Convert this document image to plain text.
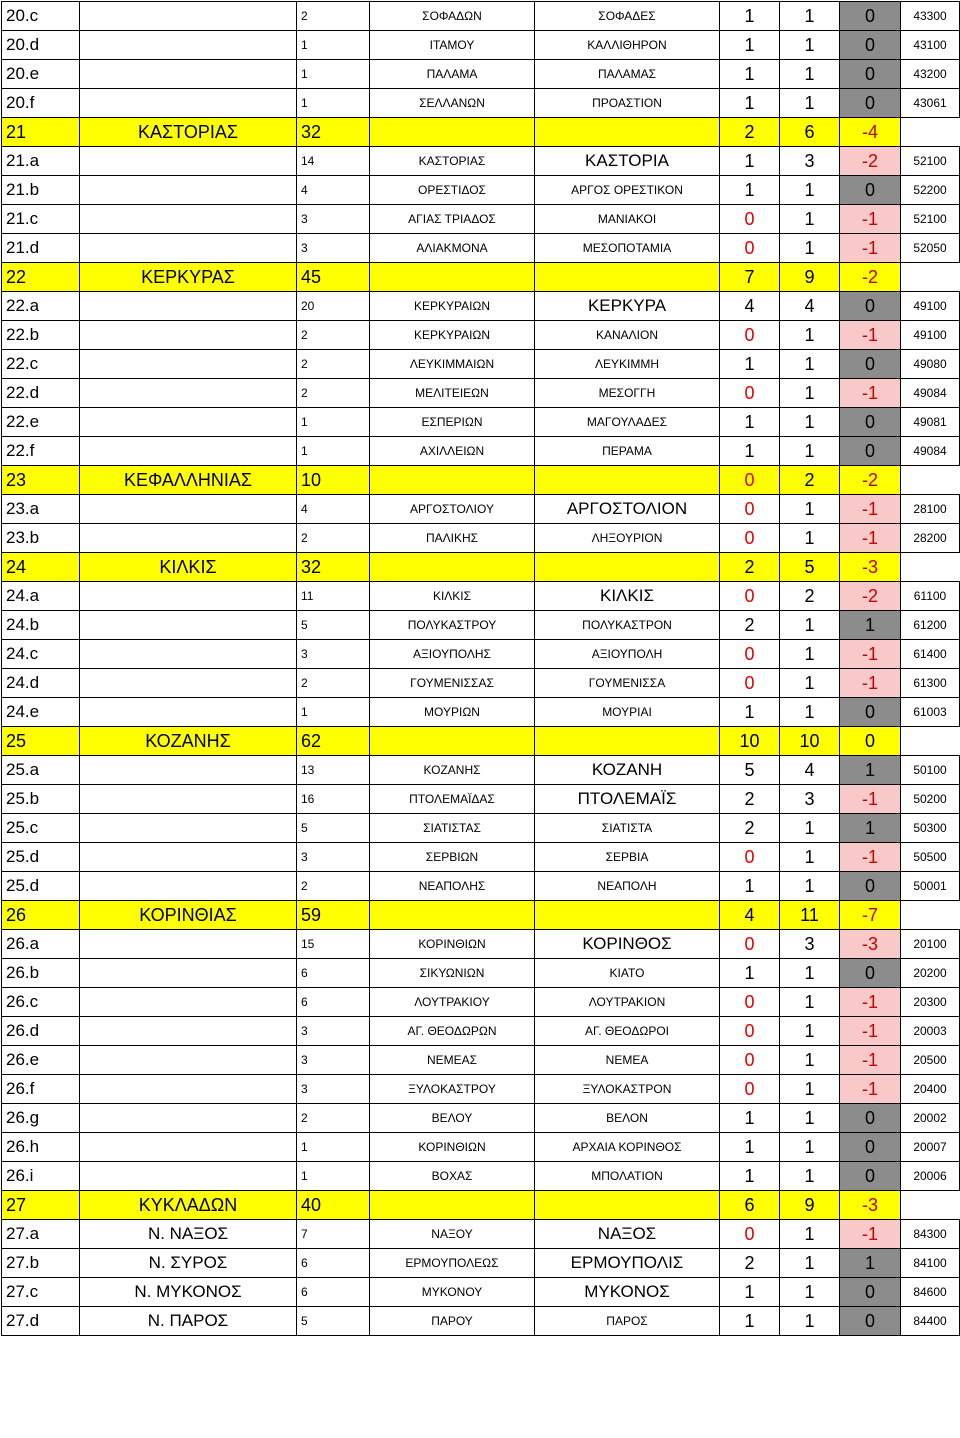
20.c		2	ΣΟΦΑΔΩΝ	ΣΟΦΑΔΕΣ	1	1	0	43300
20.d		1	ΙΤΑΜΟΥ	ΚΑΛΛΙΘΗΡΟΝ	1	1	0	43100
20.e		1	ΠΑΛΑΜΑ	ΠΑΛΑΜΑΣ	1	1	0	43200
20.f		1	ΣΕΛΛΑΝΩΝ	ΠΡΟΑΣΤΙΟΝ	1	1	0	43061
21	ΚΑΣΤΟΡΙΑΣ	32			2	6	-4	
21.a		14	ΚΑΣΤΟΡΙΑΣ	ΚΑΣΤΟΡΙΑ	1	3	-2	52100
21.b		4	ΟΡΕΣΤΙΔΟΣ	ΑΡΓΟΣ ΟΡΕΣΤΙΚΟΝ	1	1	0	52200
21.c		3	ΑΓΙΑΣ ΤΡΙΑΔΟΣ	ΜΑΝΙΑΚΟΙ	0	1	-1	52100
21.d		3	ΑΛΙΑΚΜΟΝΑ	ΜΕΣΟΠΟΤΑΜΙΑ	0	1	-1	52050
22	ΚΕΡΚΥΡΑΣ	45			7	9	-2	
22.a		20	ΚΕΡΚΥΡΑΙΩΝ	ΚΕΡΚΥΡΑ	4	4	0	49100
22.b		2	ΚΕΡΚΥΡΑΙΩΝ	ΚΑΝΑΛΙΟΝ	0	1	-1	49100
22.c		2	ΛΕΥΚΙΜΜΑΙΩΝ	ΛΕΥΚΙΜΜΗ	1	1	0	49080
22.d		2	ΜΕΛΙΤΕΙΕΩΝ	ΜΕΣΟΓΓΗ	0	1	-1	49084
22.e		1	ΕΣΠΕΡΙΩΝ	ΜΑΓΟΥΛΑΔΕΣ	1	1	0	49081
22.f		1	ΑΧΙΛΛΕΙΩΝ	ΠΕΡΑΜΑ	1	1	0	49084
23	ΚΕΦΑΛΛΗΝΙΑΣ	10			0	2	-2	
23.a		4	ΑΡΓΟΣΤΟΛΙΟΥ	ΑΡΓΟΣΤΟΛΙΟΝ	0	1	-1	28100
23.b		2	ΠΑΛΙΚΗΣ	ΛΗΞΟΥΡΙΟΝ	0	1	-1	28200
24	ΚΙΛΚΙΣ	32			2	5	-3	
24.a		11	ΚΙΛΚΙΣ	ΚΙΛΚΙΣ	0	2	-2	61100
24.b		5	ΠΟΛΥΚΑΣΤΡΟΥ	ΠΟΛΥΚΑΣΤΡΟΝ	2	1	1	61200
24.c		3	ΑΞΙΟΥΠΟΛΗΣ	ΑΞΙΟΥΠΟΛΗ	0	1	-1	61400
24.d		2	ΓΟΥΜΕΝΙΣΣΑΣ	ΓΟΥΜΕΝΙΣΣΑ	0	1	-1	61300
24.e		1	ΜΟΥΡΙΩΝ	ΜΟΥΡΙΑΙ	1	1	0	61003
25	ΚΟΖΑΝΗΣ	62			10	10	0	
25.a		13	ΚΟΖΑΝΗΣ	ΚΟΖΑΝΗ	5	4	1	50100
25.b		16	ΠΤΟΛΕΜΑΪΔΑΣ	ΠΤΟΛΕΜΑΪΣ	2	3	-1	50200
25.c		5	ΣΙΑΤΙΣΤΑΣ	ΣΙΑΤΙΣΤΑ	2	1	1	50300
25.d		3	ΣΕΡΒΙΩΝ	ΣΕΡΒΙΑ	0	1	-1	50500
25.d		2	ΝΕΑΠΟΛΗΣ	ΝΕΑΠΟΛΗ	1	1	0	50001
26	ΚΟΡΙΝΘΙΑΣ	59			4	11	-7	
26.a		15	ΚΟΡΙΝΘΙΩΝ	ΚΟΡΙΝΘΟΣ	0	3	-3	20100
26.b		6	ΣΙΚΥΩΝΙΩΝ	ΚΙΑΤΟ	1	1	0	20200
26.c		6	ΛΟΥΤΡΑΚΙΟΥ	ΛΟΥΤΡΑΚΙΟΝ	0	1	-1	20300
26.d		3	ΑΓ. ΘΕΟΔΩΡΩΝ	ΑΓ. ΘΕΟΔΩΡΟΙ	0	1	-1	20003
26.e		3	ΝΕΜΕΑΣ	ΝΕΜΕΑ	0	1	-1	20500
26.f		3	ΞΥΛΟΚΑΣΤΡΟΥ	ΞΥΛΟΚΑΣΤΡΟΝ	0	1	-1	20400
26.g		2	ΒΕΛΟΥ	ΒΕΛΟΝ	1	1	0	20002
26.h		1	ΚΟΡΙΝΘΙΩΝ	ΑΡΧΑΙΑ ΚΟΡΙΝΘΟΣ	1	1	0	20007
26.i		1	ΒΟΧΑΣ	ΜΠΟΛΑΤΙΟΝ	1	1	0	20006
27	ΚΥΚΛΑΔΩΝ	40			6	9	-3	
27.a	Ν. ΝΑΞΟΣ	7	ΝΑΞΟΥ	ΝΑΞΟΣ	0	1	-1	84300
27.b	Ν. ΣΥΡΟΣ	6	ΕΡΜΟΥΠΟΛΕΩΣ	ΕΡΜΟΥΠΟΛΙΣ	2	1	1	84100
27.c	Ν. ΜΥΚΟΝΟΣ	6	ΜΥΚΟΝΟΥ	ΜΥΚΟΝΟΣ	1	1	0	84600
27.d	Ν. ΠΑΡΟΣ	5	ΠΑΡΟΥ	ΠΑΡΟΣ	1	1	0	84400
